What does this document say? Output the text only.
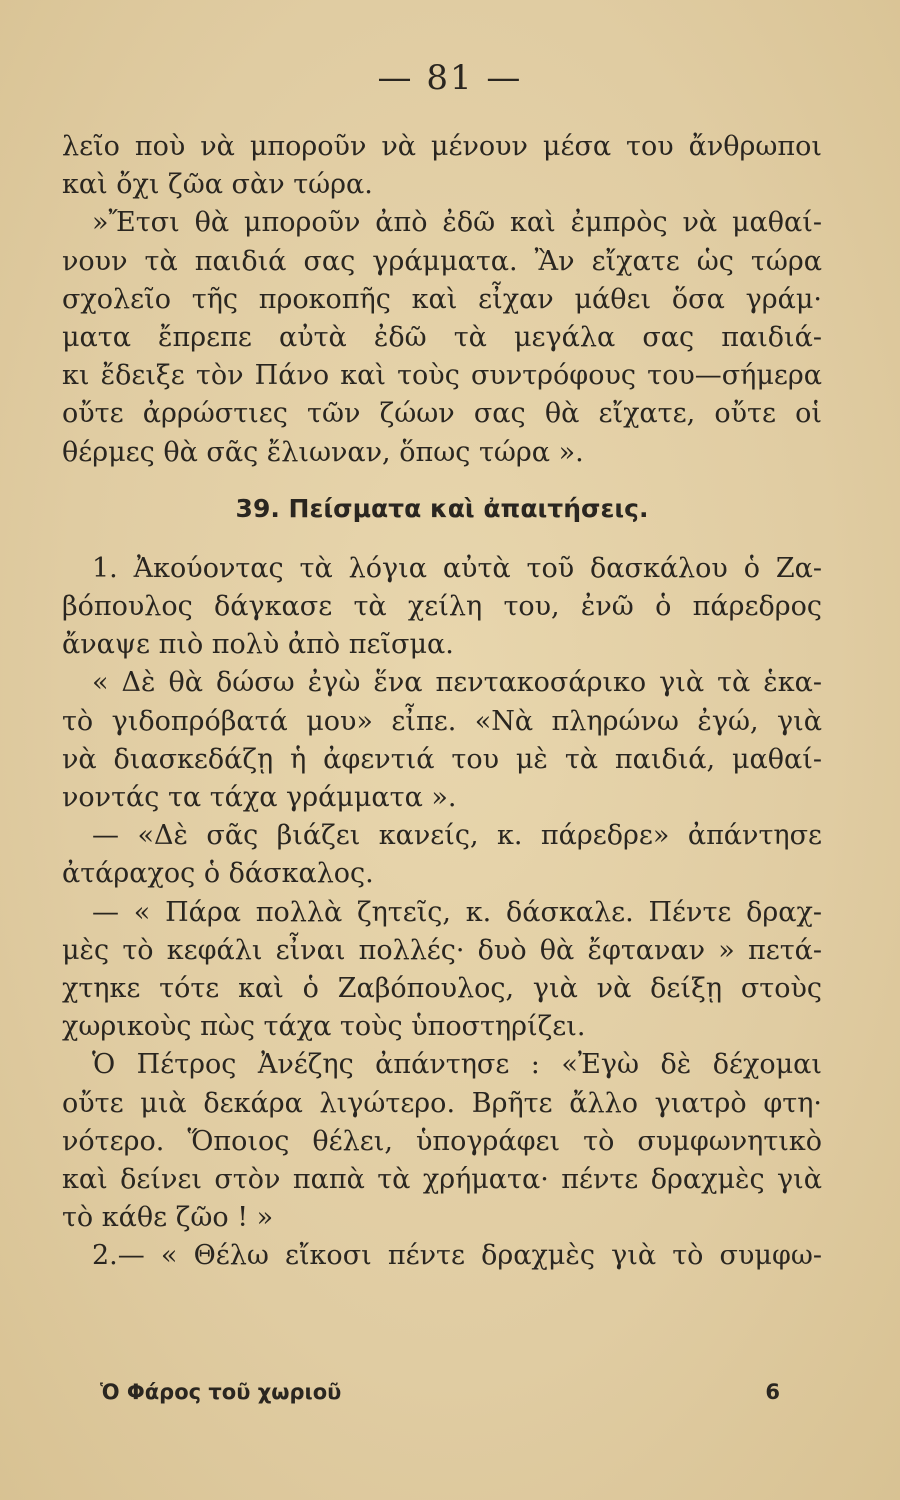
— 81 —
λεῖο ποὺ νὰ μποροῦν νὰ μένουν μέσα του ἄνθρωποι
καὶ ὄχι ζῶα σὰν τώρα.
»Ἔτσι θὰ μποροῦν ἀπὸ ἐδῶ καὶ ἐμπρὸς νὰ μαθαί-
νουν τὰ παιδιά σας γράμματα. Ἂν εἴχατε ὡς τώρα
σχολεῖο τῆς προκοπῆς καὶ εἶχαν μάθει ὅσα γράμ·
ματα ἔπρεπε αὐτὰ ἐδῶ τὰ μεγάλα σας παιδιά-
κι ἔδειξε τὸν Πάνο καὶ τοὺς συντρόφους του—σήμερα
οὔτε ἀρρώστιες τῶν ζώων σας θὰ εἴχατε, οὔτε οἱ
θέρμες θὰ σᾶς ἔλιωναν, ὅπως τώρα ».
39. Πείσματα καὶ ἀπαιτήσεις.
1. Ἀκούοντας τὰ λόγια αὐτὰ τοῦ δασκάλου ὁ Ζα-
βόπουλος δάγκασε τὰ χείλη του, ἐνῶ ὁ πάρεδρος
ἄναψε πιὸ πολὺ ἀπὸ πεῖσμα.
« Δὲ θὰ δώσω ἐγὼ ἕνα πεντακοσάρικο γιὰ τὰ ἑκα-
τὸ γιδοπρόβατά μου» εἶπε. «Νὰ πληρώνω ἐγώ, γιὰ
νὰ διασκεδάζῃ ἡ ἀφεντιά του μὲ τὰ παιδιά, μαθαί-
νοντάς τα τάχα γράμματα ».
— «Δὲ σᾶς βιάζει κανείς, κ. πάρεδρε» ἀπάντησε
ἀτάραχος ὁ δάσκαλος.
— « Πάρα πολλὰ ζητεῖς, κ. δάσκαλε. Πέντε δραχ-
μὲς τὸ κεφάλι εἶναι πολλές· δυὸ θὰ ἔφταναν » πετά-
χτηκε τότε καὶ ὁ Ζαβόπουλος, γιὰ νὰ δείξῃ στοὺς
χωρικοὺς πὼς τάχα τοὺς ὑποστηρίζει.
Ὁ Πέτρος Ἀνέζης ἀπάντησε : «Ἐγὼ δὲ δέχομαι
οὔτε μιὰ δεκάρα λιγώτερο. Βρῆτε ἄλλο γιατρὸ φτη·
νότερο. Ὅποιος θέλει, ὑπογράφει τὸ συμφωνητικὸ
καὶ δείνει στὸν παπὰ τὰ χρήματα· πέντε δραχμὲς γιὰ
τὸ κάθε ζῶο ! »
2.— « Θέλω εἴκοσι πέντε δραχμὲς γιὰ τὸ συμφω-
Ὁ Φάρος τοῦ χωριοῦ	6
